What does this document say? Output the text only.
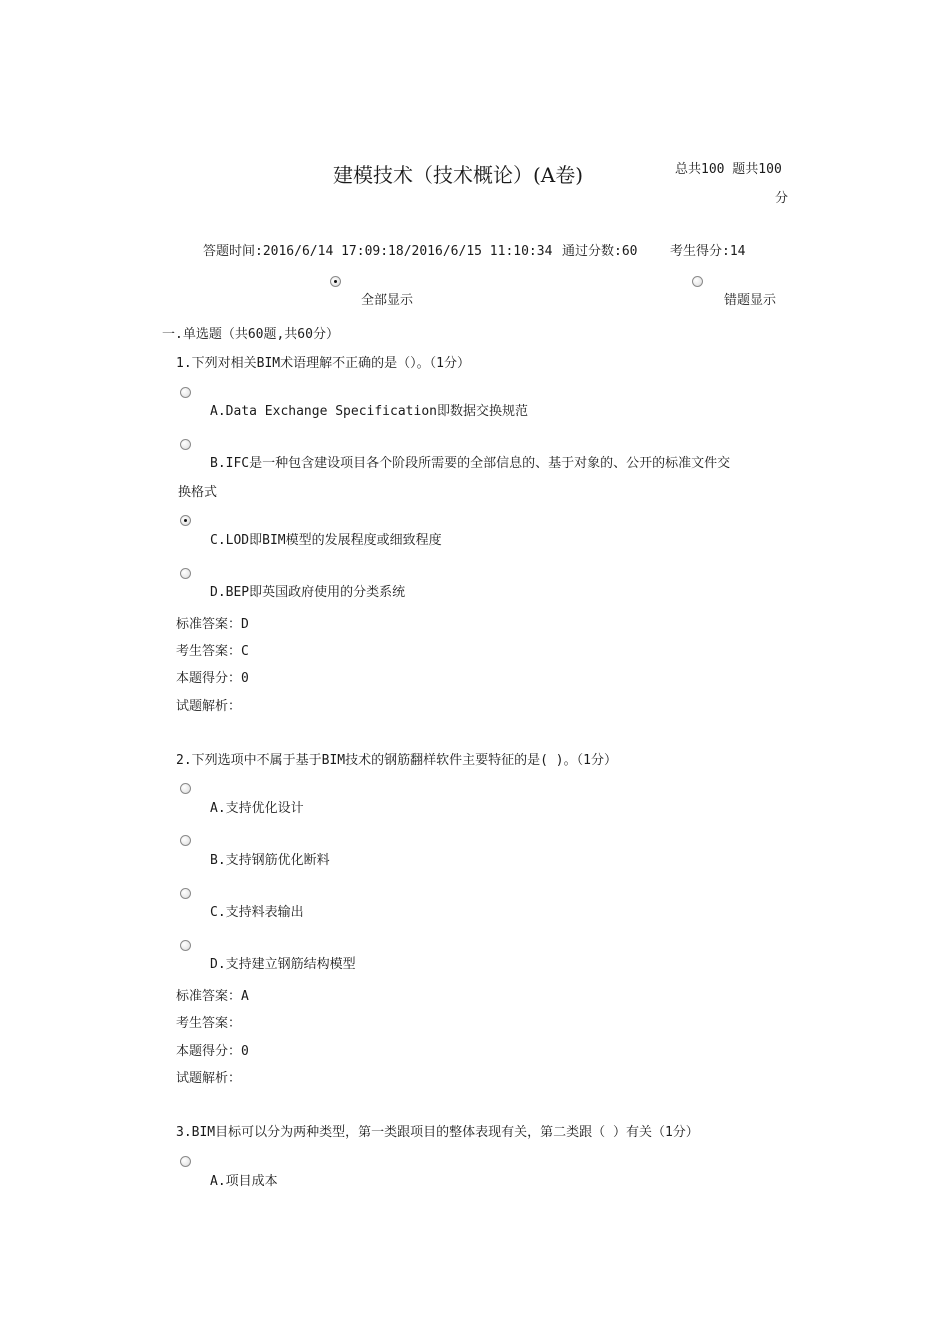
建模技术（技术概论）(A卷)	总共100 题共100
分
答题时间:2016/6/14 17:09:18/2016/6/15 11:10:34 通过分数:60	考生得分:14
全部显示	错题显示
一.单选题（共60题,共60分）
1.下列对相关BIM术语理解不正确的是（）。（1分）
A.Data Exchange Specification即数据交换规范
B.IFC是一种包含建设项目各个阶段所需要的全部信息的、基于对象的、公开的标准文件交
换格式
C.LOD即BIM模型的发展程度或细致程度
D.BEP即英国政府使用的分类系统
标准答案：D
考生答案：C
本题得分：0
试题解析：
2.下列选项中不属于基于BIM技术的钢筋翻样软件主要特征的是( )。（1分）
A.支持优化设计
B.支持钢筋优化断料
C.支持料表输出
D.支持建立钢筋结构模型
标准答案：A
考生答案：
本题得分：0
试题解析：
3.BIM目标可以分为两种类型，第一类跟项目的整体表现有关，第二类跟（ ）有关（1分）
A.项目成本
